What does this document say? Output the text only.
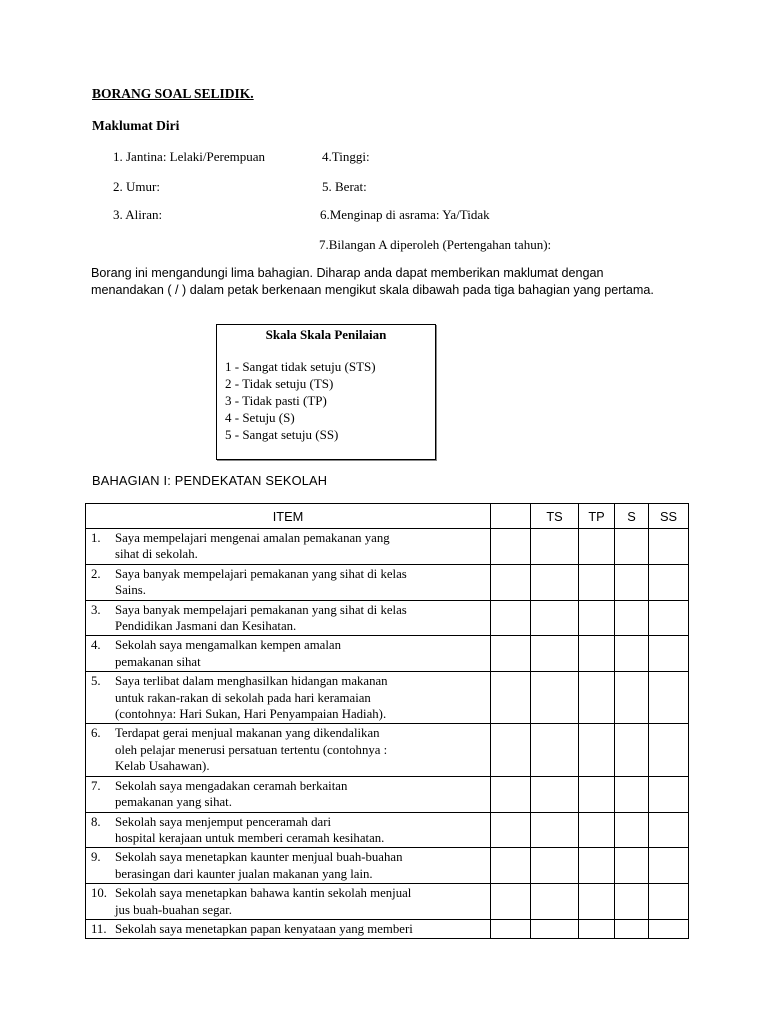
BORANG SOAL SELIDIK.
Maklumat Diri
1. Jantina: Lelaki/Perempuan
2. Umur:
3. Aliran:
4.Tinggi:
5. Berat:
6.Menginap di asrama: Ya/Tidak
7.Bilangan A diperoleh (Pertengahan tahun):
Borang ini mengandungi lima bahagian. Diharap anda dapat memberikan maklumat dengan menandakan ( / ) dalam petak berkenaan mengikut skala dibawah pada tiga bahagian yang pertama.
Skala Skala Penilaian
1 - Sangat tidak setuju (STS)
2 - Tidak setuju (TS)
3 - Tidak pasti (TP)
4 - Setuju (S)
5 - Sangat setuju (SS)
BAHAGIAN I: PENDEKATAN SEKOLAH
ITEM		TS	TP	S	SS

1. Saya mempelajari mengenai amalan pemakanan yang
sihat di sekolah.					

2. Saya banyak mempelajari pemakanan yang sihat di kelas
Sains.					

3. Saya banyak mempelajari pemakanan yang sihat di kelas
Pendidikan Jasmani dan Kesihatan.					

4. Sekolah saya mengamalkan kempen amalan
pemakanan sihat					

5. Saya terlibat dalam menghasilkan hidangan makanan
untuk rakan-rakan di sekolah pada hari keramaian
(contohnya: Hari Sukan, Hari Penyampaian Hadiah).					

6. Terdapat gerai menjual makanan yang dikendalikan
oleh pelajar menerusi persatuan tertentu (contohnya :
Kelab Usahawan).					

7. Sekolah saya mengadakan ceramah berkaitan
pemakanan yang sihat.					

8. Sekolah saya menjemput penceramah dari
hospital kerajaan untuk memberi ceramah kesihatan.					

9. Sekolah saya menetapkan kaunter menjual buah-buahan
berasingan dari kaunter jualan makanan yang lain.					

10. Sekolah saya menetapkan bahawa kantin sekolah menjual
jus buah-buahan segar.					

11. Sekolah saya menetapkan papan kenyataan yang memberi					
